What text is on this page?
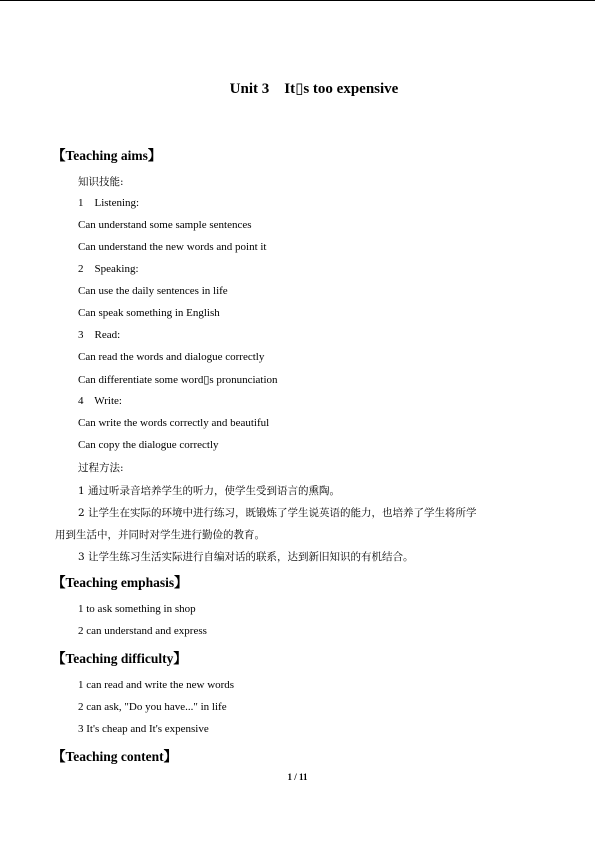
Unit 3    It▯s too expensive
【Teaching aims】
知识技能:
1    Listening:
Can understand some sample sentences
Can understand the new words and point it
2    Speaking:
Can use the daily sentences in life
Can speak something in English
3    Read:
Can read the words and dialogue correctly
Can differentiate some word▯s pronunciation
4    Write:
Can write the words correctly and beautiful
Can copy the dialogue correctly
过程方法:
1 通过听录音培养学生的听力，使学生受到语言的熏陶。
2 让学生在实际的环境中进行练习，既锻炼了学生说英语的能力，也培养了学生将所学
用到生活中，并同时对学生进行勤俭的教育。
3 让学生练习生活实际进行自编对话的联系，达到新旧知识的有机结合。
【Teaching emphasis】
1 to ask something in shop
2 can understand and express
【Teaching difficulty】
1 can read and write the new words
2 can ask, "Do you have..." in life
3 It's cheap and It's expensive
【Teaching content】
1 / 11
